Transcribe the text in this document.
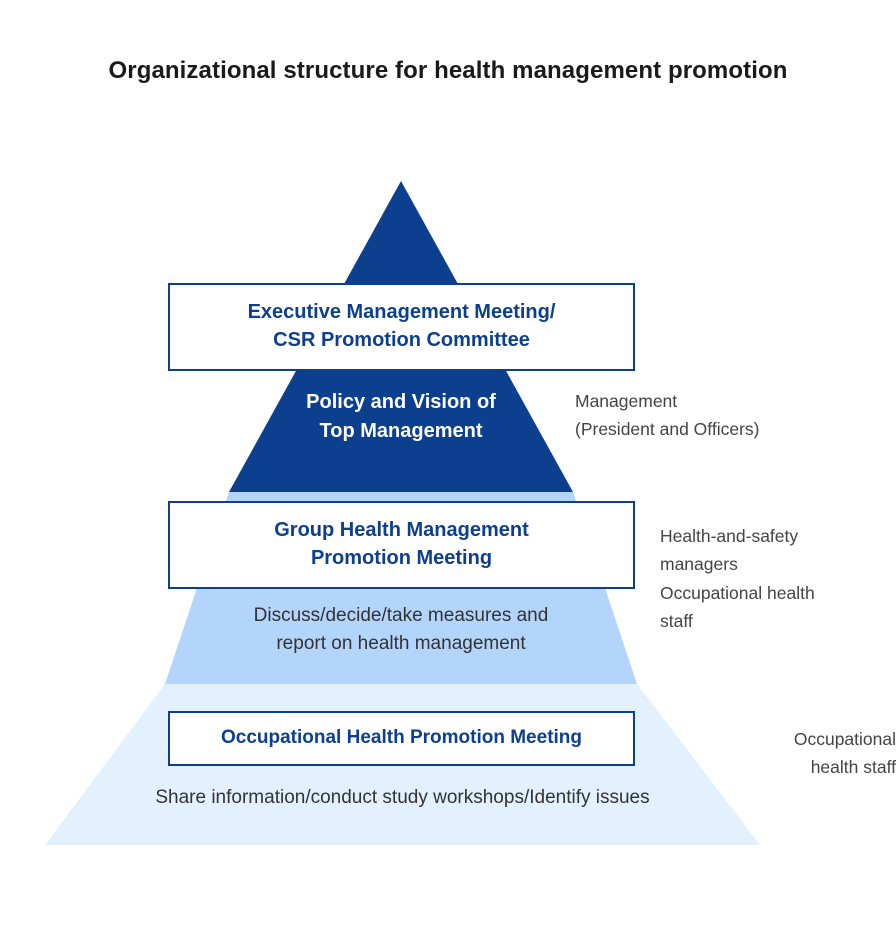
Organizational structure for health management promotion
Policy and Vision of
Top Management
Discuss/decide/take measures and
report on health management
Share information/conduct study workshops/Identify issues
Executive Management Meeting/
CSR Promotion Committee
Group Health Management
Promotion Meeting
Occupational Health Promotion Meeting
Management
(President and Officers)
Health-and-safety
managers
Occupational health
staff
Occupational
health staff
